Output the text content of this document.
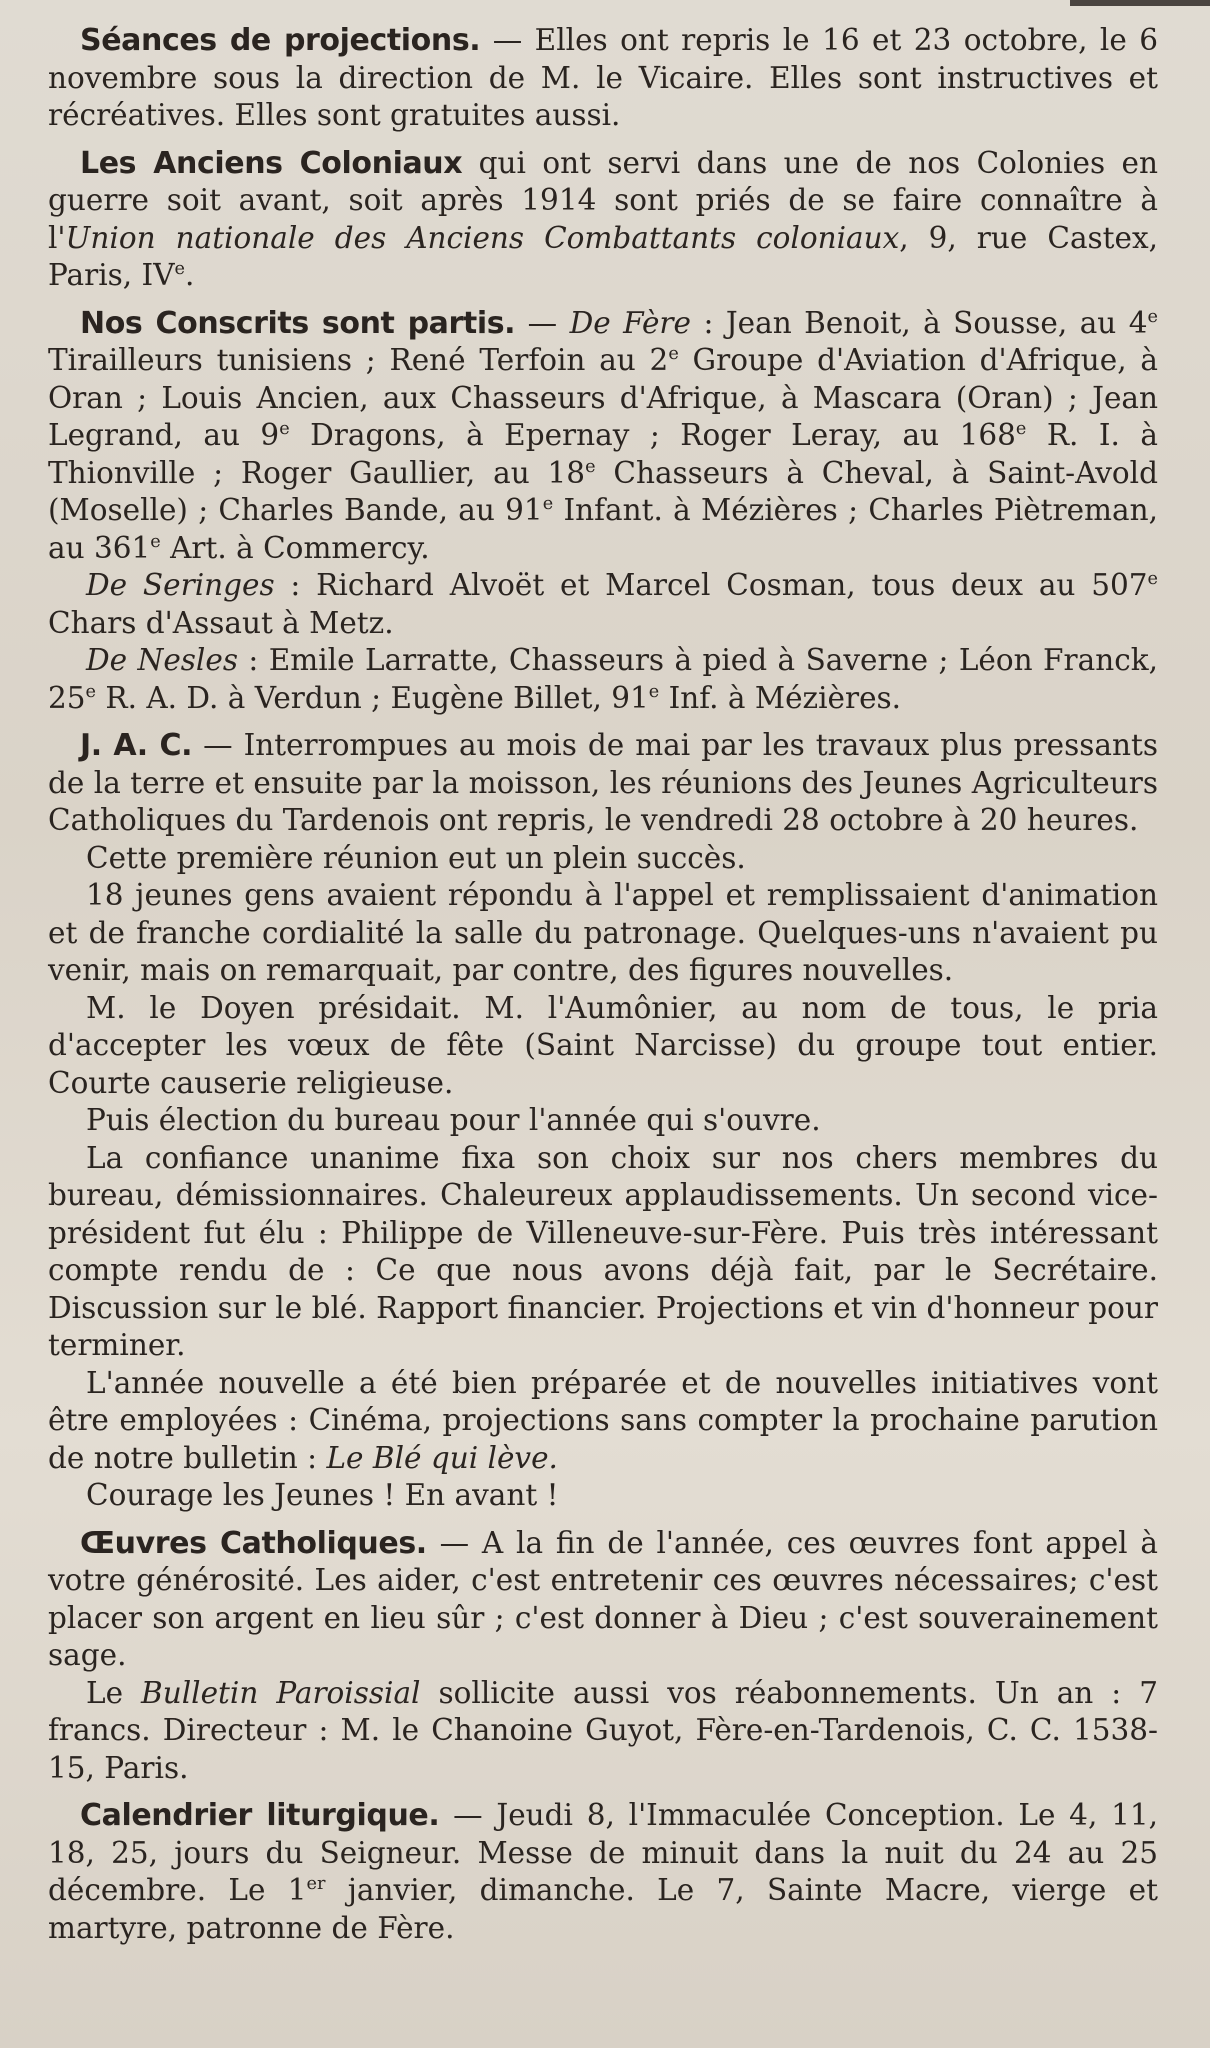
Séances de projections. — Elles ont repris le 16 et 23 octobre, le 6 novembre sous la direction de M. le Vicaire. Elles sont instructives et récréatives. Elles sont gratuites aussi.

Les Anciens Coloniaux qui ont servi dans une de nos Colonies en guerre soit avant, soit après 1914 sont priés de se faire connaître à l'Union nationale des Anciens Combattants coloniaux, 9, rue Castex, Paris, IVe.

Nos Conscrits sont partis. — De Fère : Jean Benoit, à Sousse, au 4e Tirailleurs tunisiens ; René Terfoin au 2e Groupe d'Aviation d'Afrique, à Oran ; Louis Ancien, aux Chasseurs d'Afrique, à Mascara (Oran) ; Jean Legrand, au 9e Dragons, à Epernay ; Roger Leray, au 168e R. I. à Thionville ; Roger Gaullier, au 18e Chasseurs à Cheval, à Saint-Avold (Moselle) ; Charles Bande, au 91e Infant. à Mézières ; Charles Piètreman, au 361e Art. à Commercy.

De Seringes : Richard Alvoët et Marcel Cosman, tous deux au 507e Chars d'Assaut à Metz.

De Nesles : Emile Larratte, Chasseurs à pied à Saverne ; Léon Franck, 25e R. A. D. à Verdun ; Eugène Billet, 91e Inf. à Mézières.

J. A. C. — Interrompues au mois de mai par les travaux plus pressants de la terre et ensuite par la moisson, les réunions des Jeunes Agriculteurs Catholiques du Tardenois ont repris, le vendredi 28 octobre à 20 heures.

Cette première réunion eut un plein succès.

18 jeunes gens avaient répondu à l'appel et remplissaient d'animation et de franche cordialité la salle du patronage. Quelques-uns n'avaient pu venir, mais on remarquait, par contre, des figures nouvelles.

M. le Doyen présidait. M. l'Aumônier, au nom de tous, le pria d'accepter les vœux de fête (Saint Narcisse) du groupe tout entier. Courte causerie religieuse.

Puis élection du bureau pour l'année qui s'ouvre.

La confiance unanime fixa son choix sur nos chers membres du bureau, démissionnaires. Chaleureux applaudissements. Un second vice-président fut élu : Philippe de Villeneuve-sur-Fère. Puis très intéressant compte rendu de : Ce que nous avons déjà fait, par le Secrétaire. Discussion sur le blé. Rapport financier. Projections et vin d'honneur pour terminer.

L'année nouvelle a été bien préparée et de nouvelles initiatives vont être employées : Cinéma, projections sans compter la prochaine parution de notre bulletin : Le Blé qui lève.

Courage les Jeunes ! En avant !

Œuvres Catholiques. — A la fin de l'année, ces œuvres font appel à votre générosité. Les aider, c'est entretenir ces œuvres nécessaires; c'est placer son argent en lieu sûr ; c'est donner à Dieu ; c'est souverainement sage.

Le Bulletin Paroissial sollicite aussi vos réabonnements. Un an : 7 francs. Directeur : M. le Chanoine Guyot, Fère-en-Tardenois, C. C. 1538-15, Paris.

Calendrier liturgique. — Jeudi 8, l'Immaculée Conception. Le 4, 11, 18, 25, jours du Seigneur. Messe de minuit dans la nuit du 24 au 25 décembre. Le 1er janvier, dimanche. Le 7, Sainte Macre, vierge et martyre, patronne de Fère.
